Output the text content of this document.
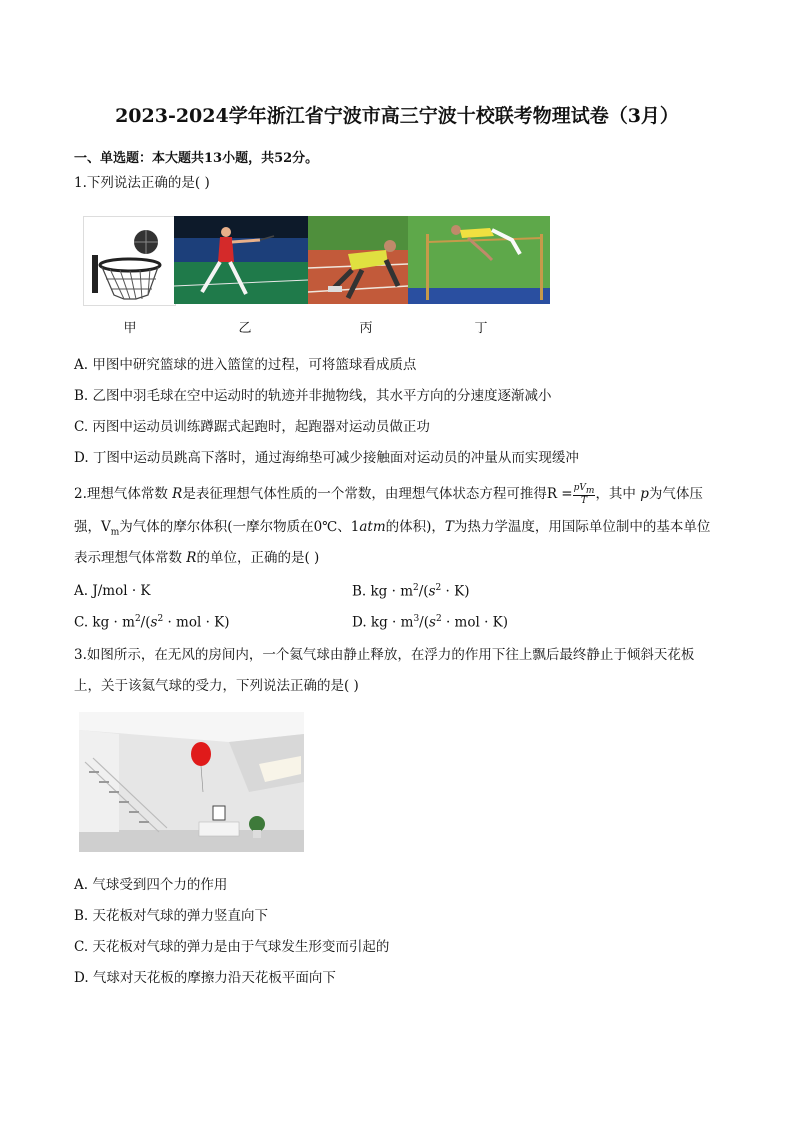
2023-2024学年浙江省宁波市高三宁波十校联考物理试卷（3月）
一、单选题：本大题共13小题，共52分。
1.下列说法正确的是( )
甲	乙	丙	丁
A. 甲图中研究篮球的进入篮筐的过程，可将篮球看成质点
B. 乙图中羽毛球在空中运动时的轨迹并非抛物线，其水平方向的分速度逐渐减小
C. 丙图中运动员训练蹲踞式起跑时，起跑器对运动员做正功
D. 丁图中运动员跳高下落时，通过海绵垫可减少接触面对运动员的冲量从而实现缓冲
2.理想气体常数 R是表征理想气体性质的一个常数，由理想气体状态方程可推得$R = \frac{pV_m}{T}$，其中 p为气体压
强，$V_m$为气体的摩尔体积(一摩尔物质在0℃、1atm的体积)，T为热力学温度，用国际单位制中的基本单位
表示理想气体常数 R的单位，正确的是( )
A. J/mol · K	B. kg · $m^2/(s^2 \cdot K)$
C. kg · $m^2/(s^2$ · mol · K)	D. kg · $m^3/(s^2$ · mol · K)
3.如图所示，在无风的房间内，一个氦气球由静止释放，在浮力的作用下往上飘后最终静止于倾斜天花板
上，关于该氦气球的受力，下列说法正确的是( )
A. 气球受到四个力的作用
B. 天花板对气球的弹力竖直向下
C. 天花板对气球的弹力是由于气球发生形变而引起的
D. 气球对天花板的摩擦力沿天花板平面向下
